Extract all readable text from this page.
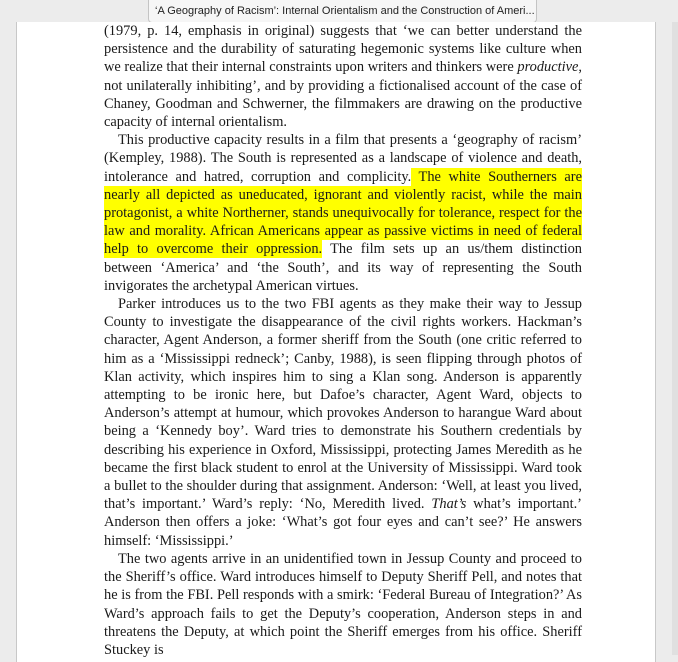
‘A Geography of Racism’: Internal Orientalism and the Construction of Ameri...

(1979, p. 14, emphasis in original) suggests that ‘we can better understand the persistence and the durability of saturating hegemonic systems like culture when we realize that their internal constraints upon writers and thinkers were productive, not unilaterally inhibiting’, and by providing a fictionalised account of the case of Chaney, Goodman and Schwerner, the filmmakers are drawing on the productive capacity of internal orientalism.

This productive capacity results in a film that presents a ‘geography of racism’ (Kempley, 1988). The South is represented as a landscape of violence and death, intolerance and hatred, corruption and complicity. The white Southerners are nearly all depicted as uneducated, ignorant and violently racist, while the main protagonist, a white Northerner, stands unequivocally for tolerance, respect for the law and morality. African Americans appear as passive victims in need of federal help to overcome their oppression. The film sets up an us/them distinction between ‘America’ and ‘the South’, and its way of representing the South invigorates the archetypal American virtues.

Parker introduces us to the two FBI agents as they make their way to Jessup County to investigate the disappearance of the civil rights workers. Hackman’s character, Agent Anderson, a former sheriff from the South (one critic referred to him as a ‘Mississippi redneck’; Canby, 1988), is seen flipping through photos of Klan activity, which inspires him to sing a Klan song. Anderson is apparently attempting to be ironic here, but Dafoe’s character, Agent Ward, objects to Anderson’s attempt at humour, which provokes Anderson to harangue Ward about being a ‘Kennedy boy’. Ward tries to demonstrate his Southern credentials by describing his experience in Oxford, Mississippi, protecting James Meredith as he became the first black student to enrol at the University of Mississippi. Ward took a bullet to the shoulder during that assignment. Anderson: ‘Well, at least you lived, that’s important.’ Ward’s reply: ‘No, Meredith lived. That’s what’s important.’ Anderson then offers a joke: ‘What’s got four eyes and can’t see?’ He answers himself: ‘Mississippi.’

The two agents arrive in an unidentified town in Jessup County and proceed to the Sheriff’s office. Ward introduces himself to Deputy Sheriff Pell, and notes that he is from the FBI. Pell responds with a smirk: ‘Federal Bureau of Integration?’ As Ward’s approach fails to get the Deputy’s cooperation, Anderson steps in and threatens the Deputy, at which point the Sheriff emerges from his office. Sheriff Stuckey is
